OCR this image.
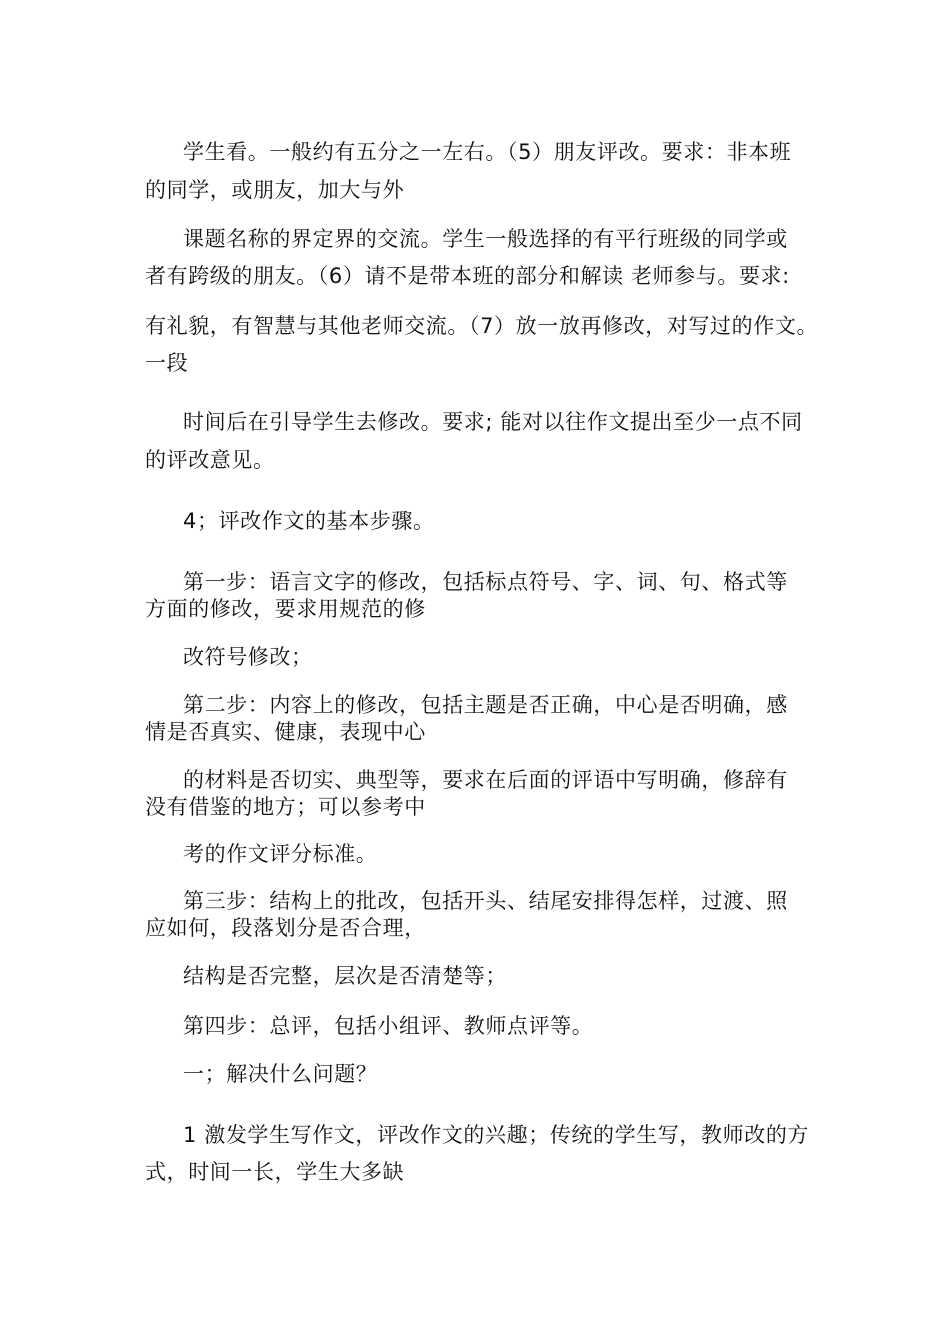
学生看。一般约有五分之一左右。（5）朋友评改。要求：非本班
的同学，或朋友，加大与外
课题名称的界定界的交流。学生一般选择的有平行班级的同学或
者有跨级的朋友。（6）请不是带本班的部分和解读 老师参与。要求:
有礼貌，有智慧与其他老师交流。（7）放一放再修改，对写过的作文。
一段
时间后在引导学生去修改。要求; 能对以往作文提出至少一点不同
的评改意见。
4；评改作文的基本步骤。
第一步：语言文字的修改，包括标点符号、字、词、句、格式等
方面的修改，要求用规范的修
改符号修改；
第二步：内容上的修改，包括主题是否正确，中心是否明确，感
情是否真实、健康，表现中心
的材料是否切实、典型等，要求在后面的评语中写明确，修辞有
没有借鉴的地方；可以参考中
考的作文评分标准。
第三步：结构上的批改，包括开头、结尾安排得怎样，过渡、照
应如何，段落划分是否合理，
结构是否完整，层次是否清楚等；
第四步：总评，包括小组评、教师点评等。
一；解决什么问题？
1 激发学生写作文，评改作文的兴趣；传统的学生写，教师改的方
式，时间一长，学生大多缺
